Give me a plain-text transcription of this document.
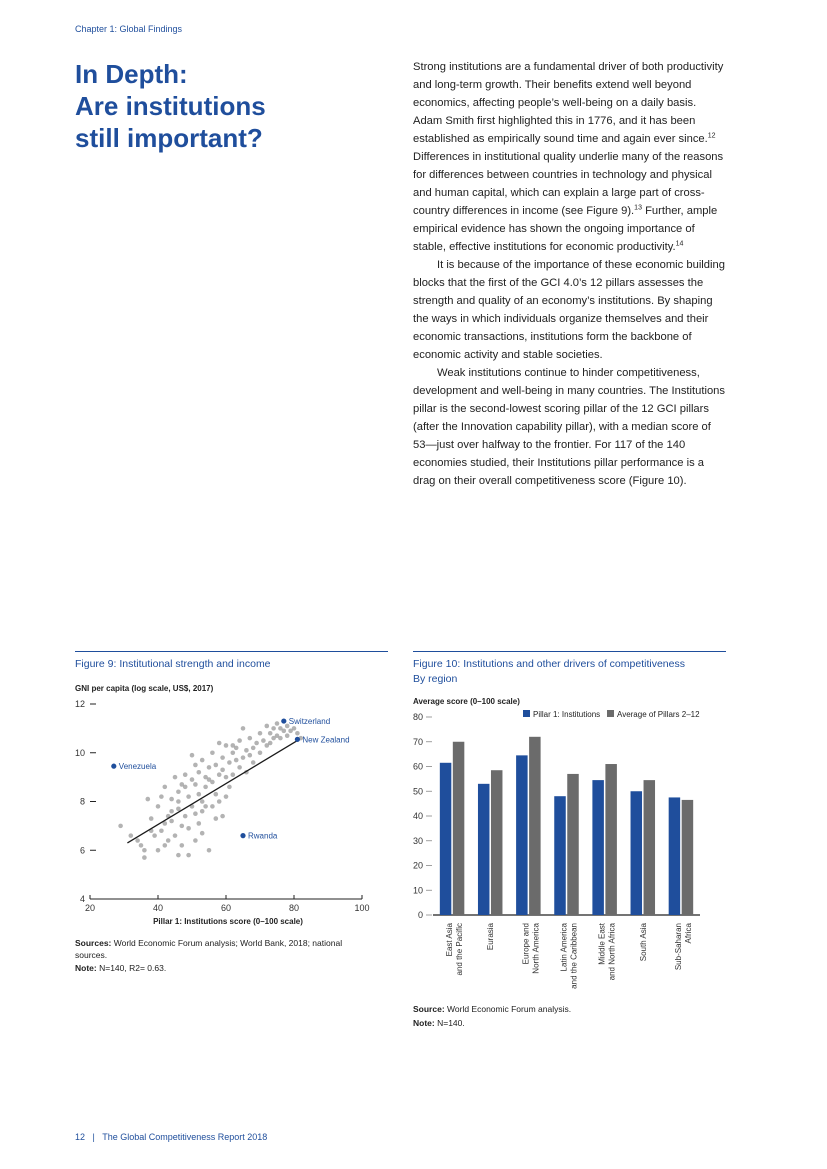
Chapter 1: Global Findings
In Depth:
Are institutions
still important?

Strong institutions are a fundamental driver of both productivity and long-term growth. Their benefits extend well beyond economics, affecting people’s well-being on a daily basis. Adam Smith first highlighted this in 1776, and it has been established as empirically sound time and again ever since.$^{12}$ Differences in institutional quality underlie many of the reasons for differences between countries in technology and physical and human capital, which can explain a large part of cross-country differences in income (see Figure 9).$^{13}$ Further, ample empirical evidence has shown the ongoing importance of stable, effective institutions for economic productivity.$^{14}$

It is because of the importance of these economic building blocks that the first of the GCI 4.0’s 12 pillars assesses the strength and quality of an economy’s institutions. By shaping the ways in which individuals organize themselves and their economic transactions, institutions form the backbone of economic activity and stable societies.

Weak institutions continue to hinder competitiveness, development and well-being in many countries. The Institutions pillar is the second-lowest scoring pillar of the 12 GCI pillars (after the Innovation capability pillar), with a median score of 53—just over halfway to the frontier. For 117 of the 140 economies studied, their Institutions pillar performance is a drag on their overall competitiveness score (Figure 10).

Figure 9: Institutional strength and income
GNI per capita (log scale, US$, 2017)
20	40	60	80	100
4
6
8
10
12
Pillar 1: Institutions score (0–100 scale)
Switzerland
New Zealand
Venezuela
Rwanda
Sources: World Economic Forum analysis; World Bank, 2018; national sources.
Note: N=140, R2= 0.63.
Figure 10: Institutions and other drivers of competitiveness
By region
Average score (0–100 scale)
0
10
20
30
40
50
60
70
80	Pillar 1: Institutions Average of Pillars 2–12
East Asiaand the Pacific	Eurasia	Europe andNorth America Latin Americaand the Caribbean Middle Eastand North Africa	South Asia	Sub-SaharanAfrica
Source: World Economic Forum analysis.
Note: N=140.
12 | The Global Competitiveness Report 2018
